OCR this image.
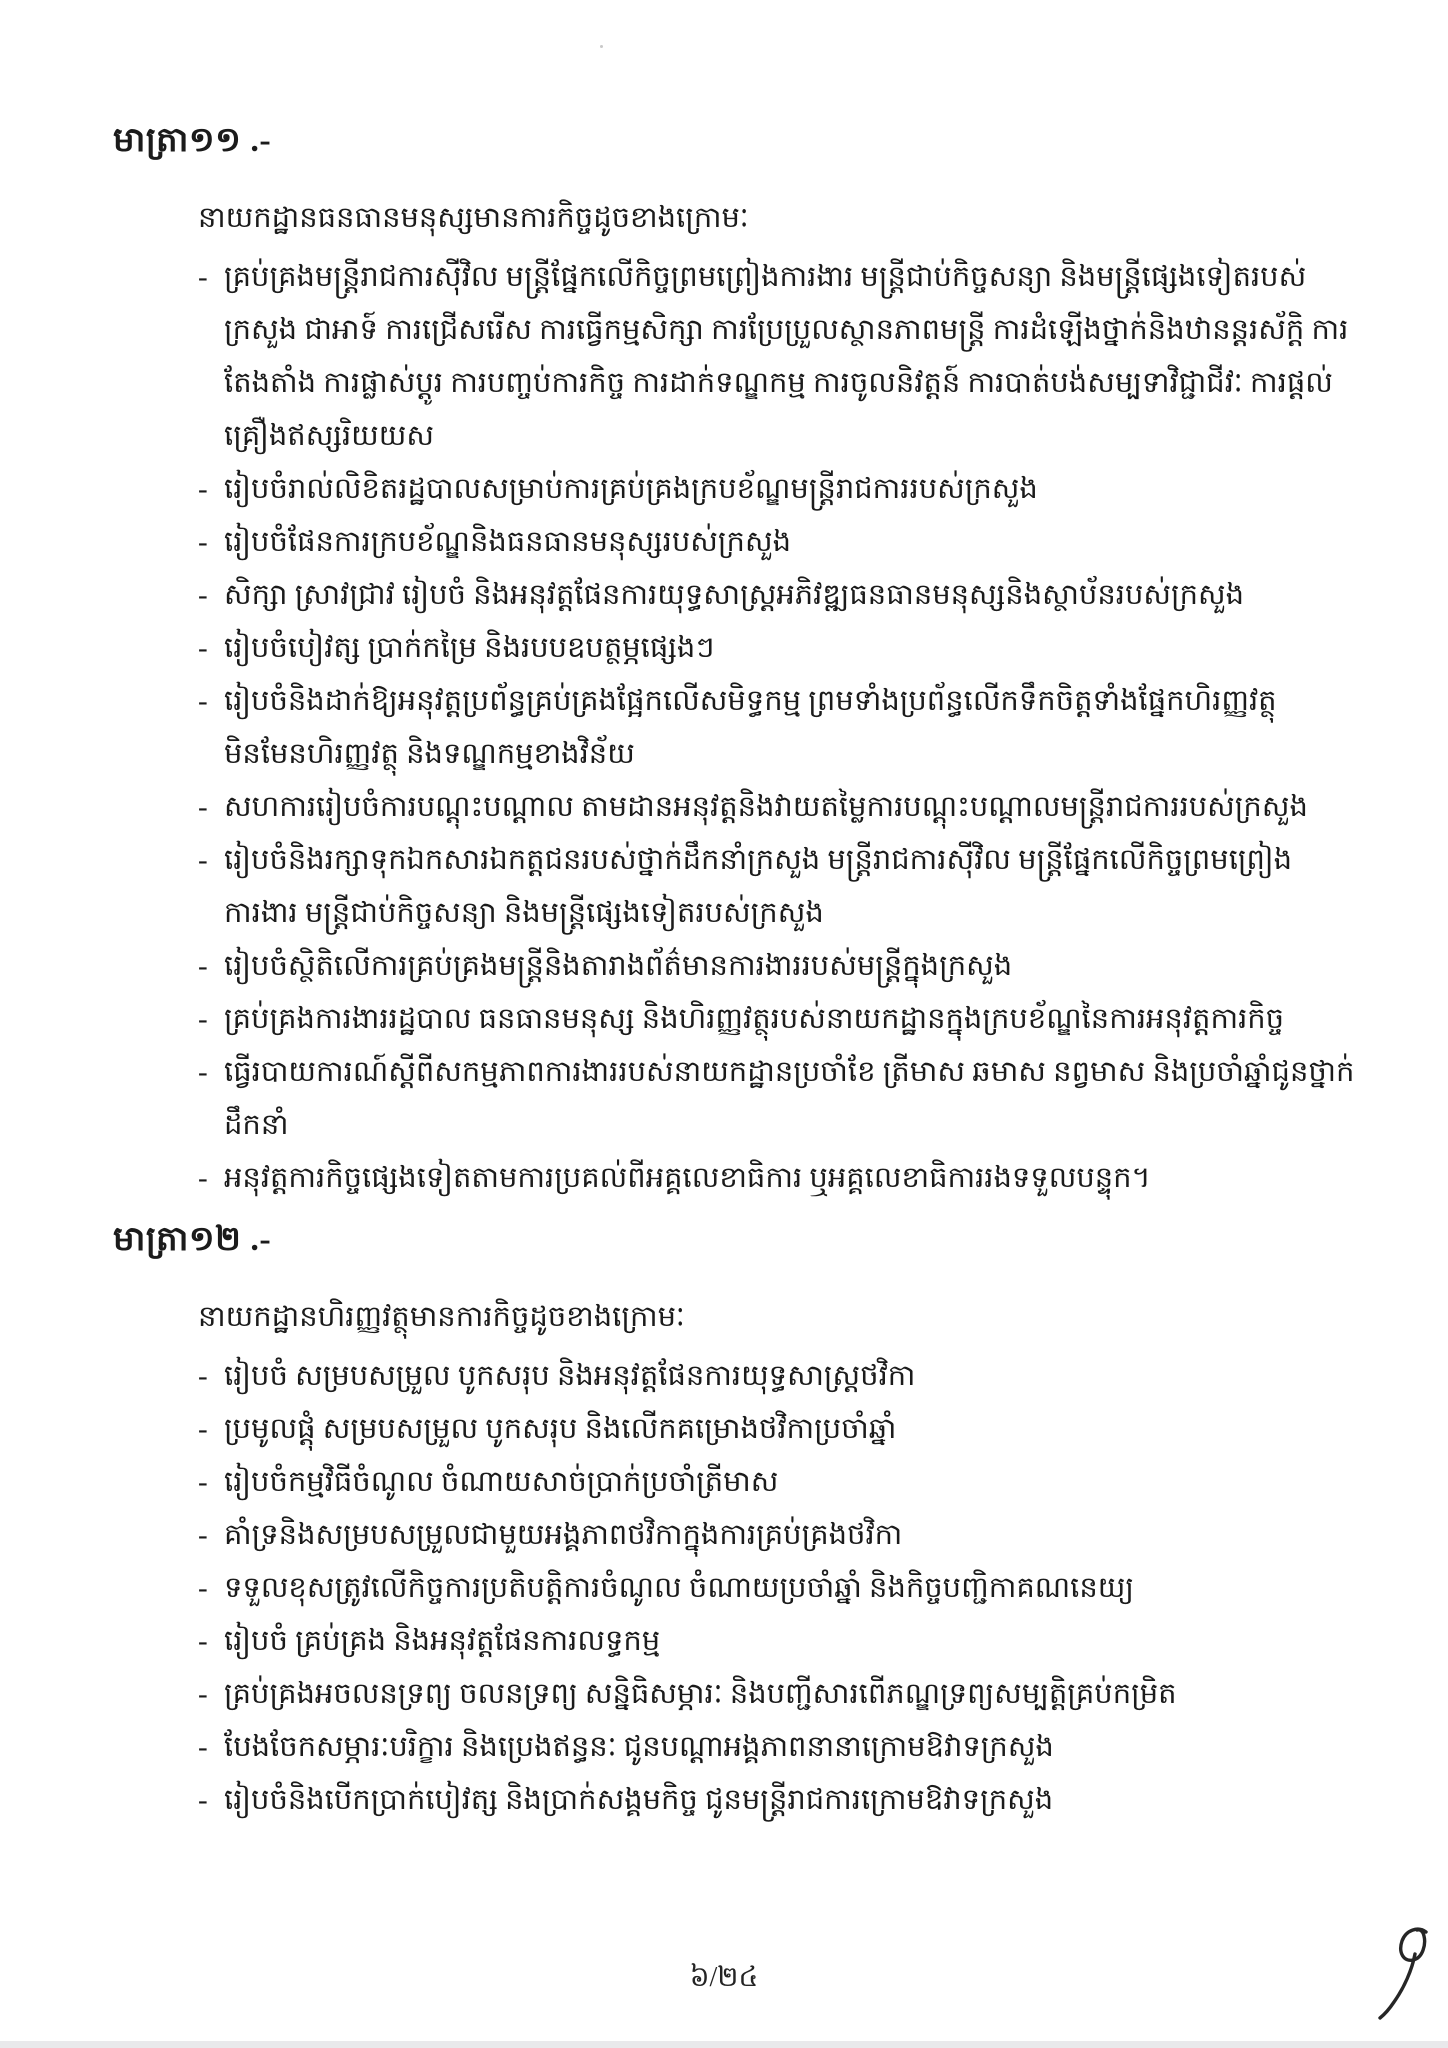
មាត្រា១១ .-

នាយកដ្ឋានធនធានមនុស្សមានការកិច្ចដូចខាងក្រោមៈ

- គ្រប់គ្រងមន្ត្រីរាជការស៊ីវិល មន្ត្រីផ្នែកលើកិច្ចព្រមព្រៀងការងារ មន្ត្រីជាប់កិច្ចសន្យា និងមន្ត្រីផ្សេងទៀតរបស់ក្រសួង ជាអាទ៍ ការជ្រើសរើស ការធ្វើកម្មសិក្សា ការប្រែប្រួលស្ថានភាពមន្ត្រី ការដំឡើងថ្នាក់និងឋានន្តរស័ក្តិ ការតែងតាំង ការផ្លាស់ប្តូរ ការបញ្ចប់ការកិច្ច ការដាក់ទណ្ឌកម្ម ការចូលនិវត្តន៍ ការបាត់បង់សម្បទាវិជ្ជាជីវៈ ការផ្តល់គ្រឿងឥស្សរិយយស
- រៀបចំរាល់លិខិតរដ្ឋបាលសម្រាប់ការគ្រប់គ្រងក្របខ័ណ្ឌមន្ត្រីរាជការរបស់ក្រសួង
- រៀបចំផែនការក្របខ័ណ្ឌនិងធនធានមនុស្សរបស់ក្រសួង
- សិក្សា ស្រាវជ្រាវ រៀបចំ និងអនុវត្តផែនការយុទ្ធសាស្ត្រអភិវឌ្ឍធនធានមនុស្សនិងស្ថាប័នរបស់ក្រសួង
- រៀបចំបៀវត្ស ប្រាក់កម្រៃ និងរបបឧបត្ថម្ភផ្សេងៗ
- រៀបចំនិងដាក់ឱ្យអនុវត្តប្រព័ន្ធគ្រប់គ្រងផ្អែកលើសមិទ្ធកម្ម ព្រមទាំងប្រព័ន្ធលើកទឹកចិត្តទាំងផ្នែកហិរញ្ញវត្ថុ មិនមែនហិរញ្ញវត្ថុ និងទណ្ឌកម្មខាងវិន័យ
- សហការរៀបចំការបណ្តុះបណ្តាល តាមដានអនុវត្តនិងវាយតម្លៃការបណ្តុះបណ្តាលមន្ត្រីរាជការរបស់ក្រសួង
- រៀបចំនិងរក្សាទុកឯកសារឯកត្តជនរបស់ថ្នាក់ដឹកនាំក្រសួង មន្ត្រីរាជការស៊ីវិល មន្ត្រីផ្នែកលើកិច្ចព្រមព្រៀងការងារ មន្ត្រីជាប់កិច្ចសន្យា និងមន្ត្រីផ្សេងទៀតរបស់ក្រសួង
- រៀបចំស្ថិតិលើការគ្រប់គ្រងមន្ត្រីនិងតារាងព័ត៌មានការងាររបស់មន្ត្រីក្នុងក្រសួង
- គ្រប់គ្រងការងាររដ្ឋបាល ធនធានមនុស្ស និងហិរញ្ញវត្ថុរបស់នាយកដ្ឋានក្នុងក្របខ័ណ្ឌនៃការអនុវត្តការកិច្ច
- ធ្វើរបាយការណ៍ស្តីពីសកម្មភាពការងាររបស់នាយកដ្ឋានប្រចាំខែ ត្រីមាស ឆមាស នព្វមាស និងប្រចាំឆ្នាំជូនថ្នាក់ដឹកនាំ
- អនុវត្តការកិច្ចផ្សេងទៀតតាមការប្រគល់ពីអគ្គលេខាធិការ ឬអគ្គលេខាធិការរងទទួលបន្ទុក។
មាត្រា១២ .-

នាយកដ្ឋានហិរញ្ញវត្ថុមានការកិច្ចដូចខាងក្រោមៈ

- រៀបចំ សម្របសម្រួល បូកសរុប និងអនុវត្តផែនការយុទ្ធសាស្ត្រថវិកា
- ប្រមូលផ្តុំ សម្របសម្រួល បូកសរុប និងលើកគម្រោងថវិកាប្រចាំឆ្នាំ
- រៀបចំកម្មវិធីចំណូល ចំណាយសាច់ប្រាក់ប្រចាំត្រីមាស
- គាំទ្រនិងសម្របសម្រួលជាមួយអង្គភាពថវិកាក្នុងការគ្រប់គ្រងថវិកា
- ទទួលខុសត្រូវលើកិច្ចការប្រតិបត្តិការចំណូល ចំណាយប្រចាំឆ្នាំ និងកិច្ចបញ្ជិកាគណនេយ្យ
- រៀបចំ គ្រប់គ្រង និងអនុវត្តផែនការលទ្ធកម្ម
- គ្រប់គ្រងអចលនទ្រព្យ ចលនទ្រព្យ សន្និធិសម្ភារៈ និងបញ្ជីសារពើភណ្ឌទ្រព្យសម្បត្តិគ្រប់កម្រិត
- បែងចែកសម្ភារៈបរិក្ខារ និងប្រេងឥន្ធនៈ ជូនបណ្តាអង្គភាពនានាក្រោមឱវាទក្រសួង
- រៀបចំនិងបើកប្រាក់បៀវត្ស និងប្រាក់សង្គមកិច្ច ជូនមន្ត្រីរាជការក្រោមឱវាទក្រសួង
៦/២៤
